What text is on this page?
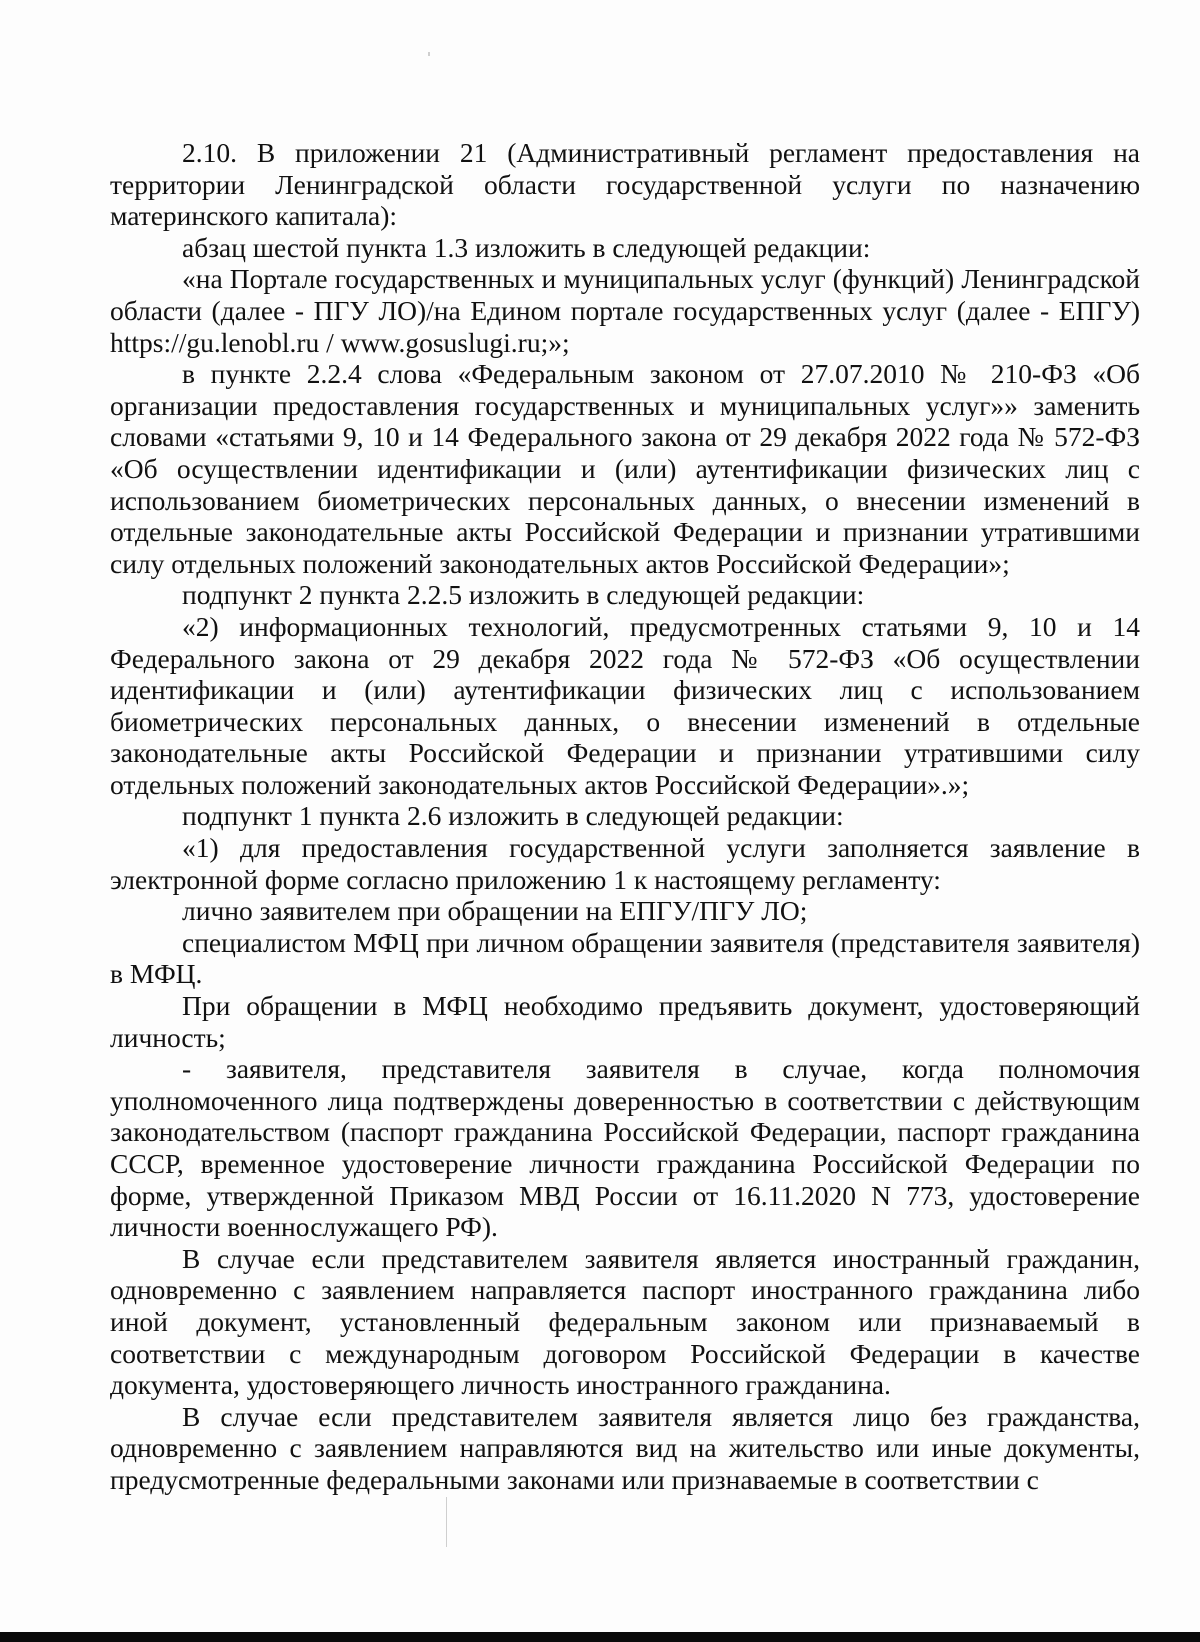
2.10. В приложении 21 (Административный регламент предоставления на территории Ленинградской области государственной услуги по назначению материнского капитала):

абзац шестой пункта 1.3 изложить в следующей редакции:

«на Портале государственных и муниципальных услуг (функций) Ленинградской области (далее - ПГУ ЛО)/на Едином портале государственных услуг (далее - ЕПГУ) https://gu.lenobl.ru / www.gosuslugi.ru;»;

в пункте 2.2.4 слова «Федеральным законом от 27.07.2010 № 210-ФЗ «Об организации предоставления государственных и муниципальных услуг»» заменить словами «статьями 9, 10 и 14 Федерального закона от 29 декабря 2022 года № 572-ФЗ «Об осуществлении идентификации и (или) аутентификации физических лиц с использованием биометрических персональных данных, о внесении изменений в отдельные законодательные акты Российской Федерации и признании утратившими силу отдельных положений законодательных актов Российской Федерации»;

подпункт 2 пункта 2.2.5 изложить в следующей редакции:

«2) информационных технологий, предусмотренных статьями 9, 10 и 14 Федерального закона от 29 декабря 2022 года № 572-ФЗ «Об осуществлении идентификации и (или) аутентификации физических лиц с использованием биометрических персональных данных, о внесении изменений в отдельные законодательные акты Российской Федерации и признании утратившими силу отдельных положений законодательных актов Российской Федерации».»;

подпункт 1 пункта 2.6 изложить в следующей редакции:

«1) для предоставления государственной услуги заполняется заявление в электронной форме согласно приложению 1 к настоящему регламенту:

лично заявителем при обращении на ЕПГУ/ПГУ ЛО;

специалистом МФЦ при личном обращении заявителя (представителя заявителя) в МФЦ.

При обращении в МФЦ необходимо предъявить документ, удостоверяющий личность;

- заявителя, представителя заявителя в случае, когда полномочия уполномоченного лица подтверждены доверенностью в соответствии с действующим законодательством (паспорт гражданина Российской Федерации, паспорт гражданина СССР, временное удостоверение личности гражданина Российской Федерации по форме, утвержденной Приказом МВД России от 16.11.2020 N 773, удостоверение личности военнослужащего РФ).

В случае если представителем заявителя является иностранный гражданин, одновременно с заявлением направляется паспорт иностранного гражданина либо иной документ, установленный федеральным законом или признаваемый в соответствии с международным договором Российской Федерации в качестве документа, удостоверяющего личность иностранного гражданина.

В случае если представителем заявителя является лицо без гражданства, одновременно с заявлением направляются вид на жительство или иные документы, предусмотренные федеральными законами или признаваемые в соответствии с
